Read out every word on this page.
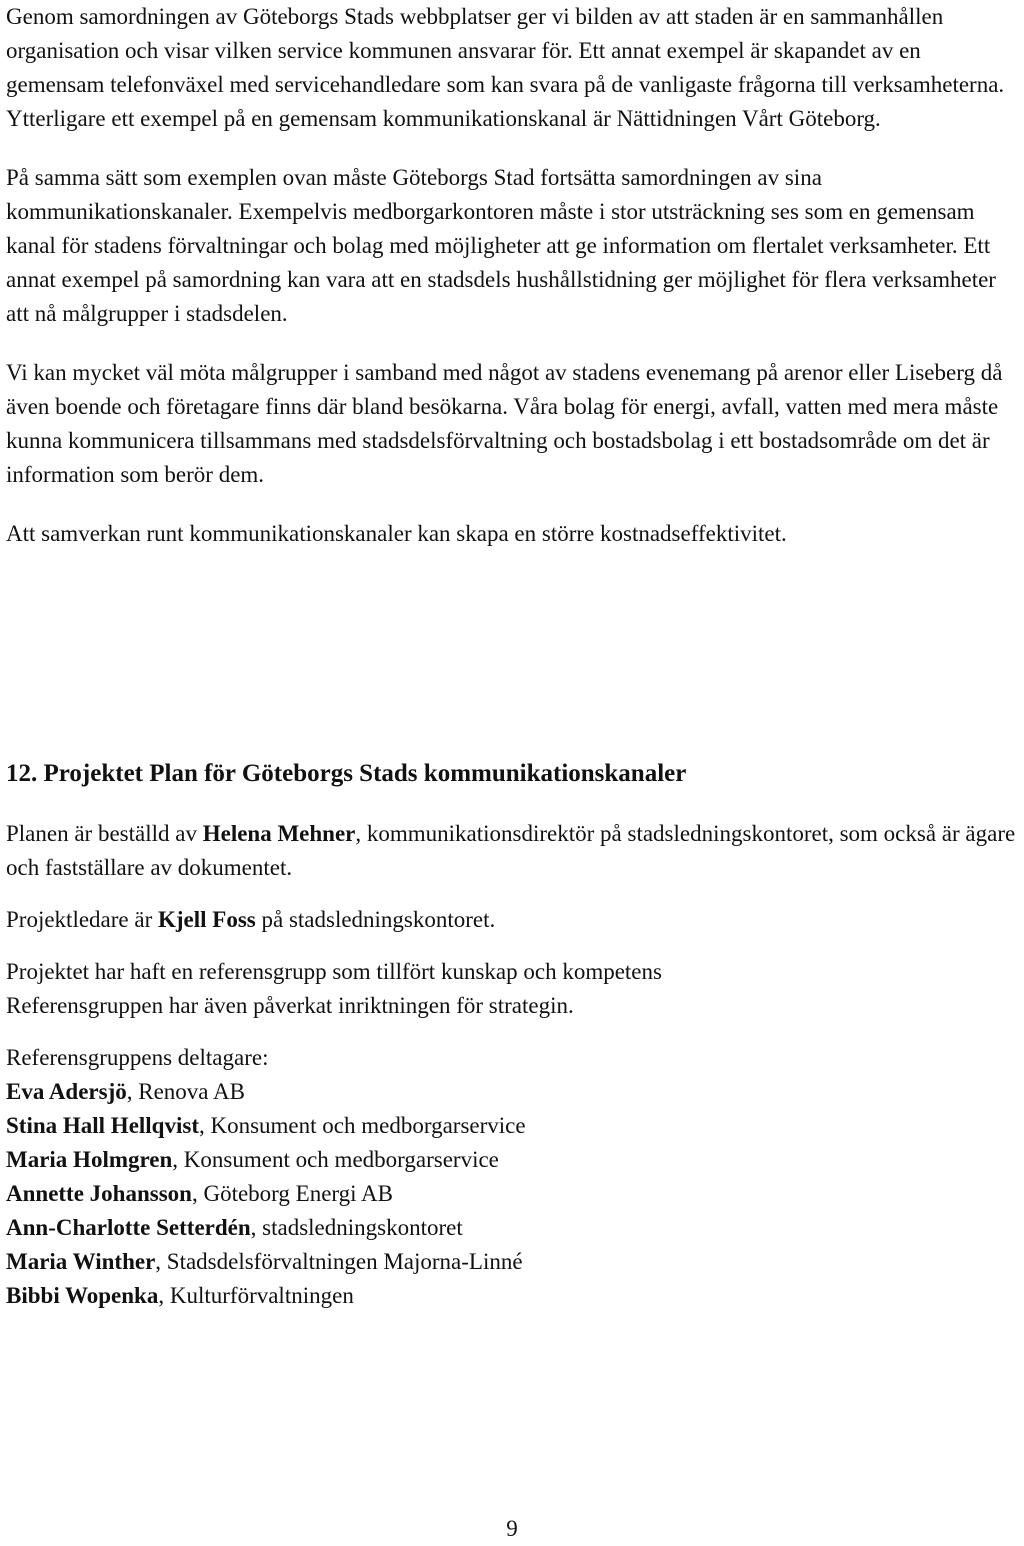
Genom samordningen av Göteborgs Stads webbplatser ger vi bilden av att staden är en sammanhållen organisation och visar vilken service kommunen ansvarar för. Ett annat exempel är skapandet av en gemensam telefonväxel med servicehandledare som kan svara på de vanligaste frågorna till verksamheterna. Ytterligare ett exempel på en gemensam kommunikationskanal är Nättidningen Vårt Göteborg.

På samma sätt som exemplen ovan måste Göteborgs Stad fortsätta samordningen av sina kommunikationskanaler. Exempelvis medborgarkontoren måste i stor utsträckning ses som en gemensam kanal för stadens förvaltningar och bolag med möjligheter att ge information om flertalet verksamheter. Ett annat exempel på samordning kan vara att en stadsdels hushållstidning ger möjlighet för flera verksamheter att nå målgrupper i stadsdelen.

Vi kan mycket väl möta målgrupper i samband med något av stadens evenemang på arenor eller Liseberg då även boende och företagare finns där bland besökarna. Våra bolag för energi, avfall, vatten med mera måste kunna kommunicera tillsammans med stadsdelsförvaltning och bostadsbolag i ett bostadsområde om det är information som berör dem.

Att samverkan runt kommunikationskanaler kan skapa en större kostnadseffektivitet.

12. Projektet Plan för Göteborgs Stads kommunikationskanaler

Planen är beställd av Helena Mehner, kommunikationsdirektör på stadsledningskontoret, som också är ägare och fastställare av dokumentet.

Projektledare är Kjell Foss på stadsledningskontoret.

Projektet har haft en referensgrupp som tillfört kunskap och kompetens
Referensgruppen har även påverkat inriktningen för strategin.

Referensgruppens deltagare:
Eva Adersjö, Renova AB
Stina Hall Hellqvist, Konsument och medborgarservice
Maria Holmgren, Konsument och medborgarservice
Annette Johansson, Göteborg Energi AB
Ann-Charlotte Setterdén, stadsledningskontoret
Maria Winther, Stadsdelsförvaltningen Majorna-Linné
Bibbi Wopenka, Kulturförvaltningen

9
